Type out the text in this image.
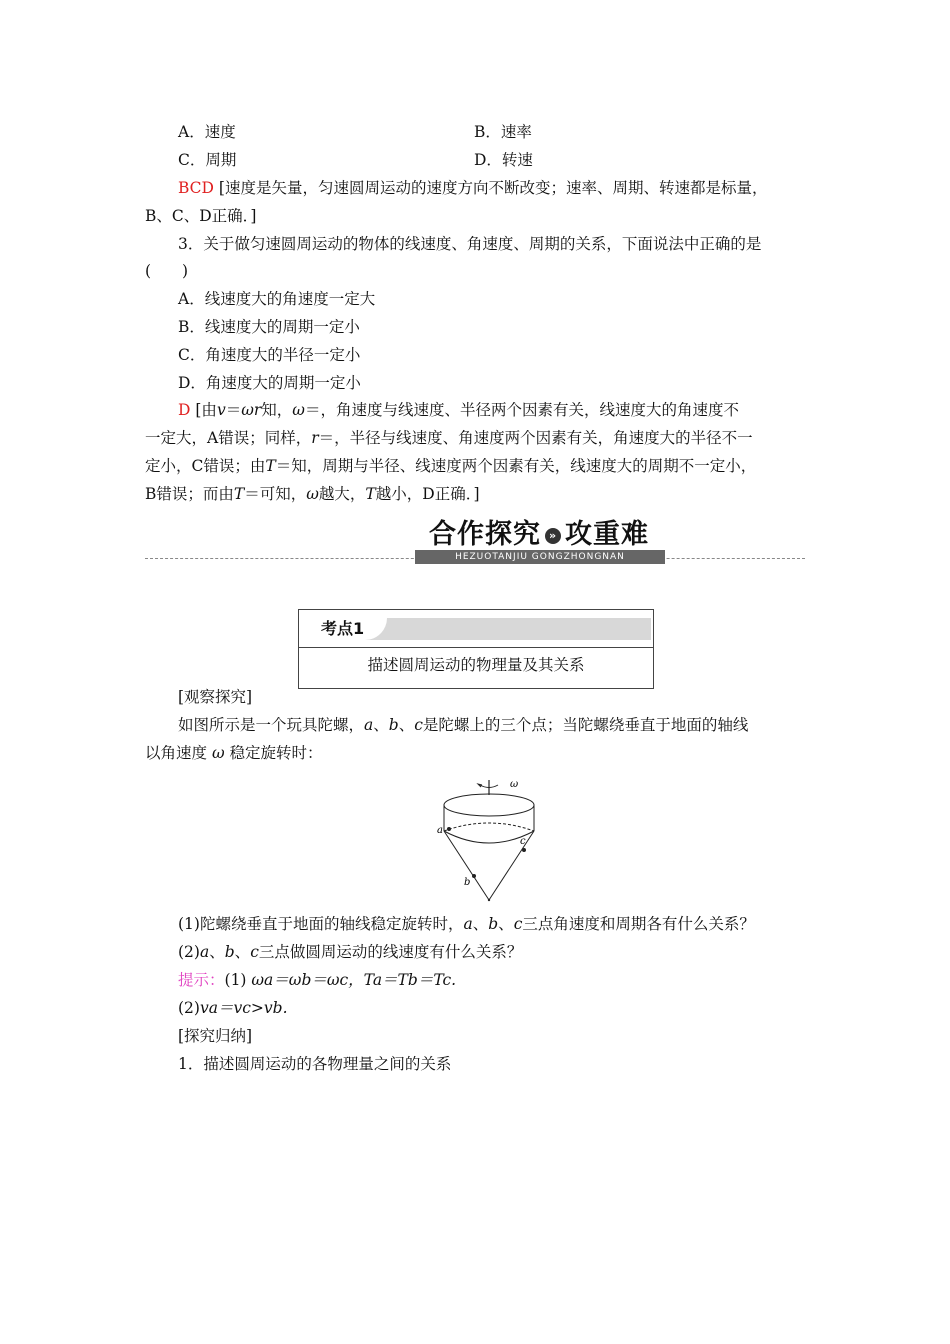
A．速度	B．速率
C．周期	D．转速
BCD [速度是矢量，匀速圆周运动的速度方向不断改变；速率、周期、转速都是标量，
B、C、D正确．]
3．关于做匀速圆周运动的物体的线速度、角速度、周期的关系，下面说法中正确的是
(　　)
A．线速度大的角速度一定大
B．线速度大的周期一定小
C．角速度大的半径一定小
D．角速度大的周期一定小
D [由v＝ωr知，ω＝，角速度与线速度、半径两个因素有关，线速度大的角速度不
一定大，A错误；同样，r＝，半径与线速度、角速度两个因素有关，角速度大的半径不一
定小，C错误；由T＝知，周期与半径、线速度两个因素有关，线速度大的周期不一定小，
B错误；而由T＝可知，ω越大，T越小，D正确．]
合作探究 » 攻重难
HEZUOTANJIU GONGZHONGNAN
考点1
描述圆周运动的物理量及其关系
[观察探究]
如图所示是一个玩具陀螺，a、b、c是陀螺上的三个点；当陀螺绕垂直于地面的轴线
以角速度 ω 稳定旋转时：
ω
a
c
b
(1)陀螺绕垂直于地面的轴线稳定旋转时，a、b、c三点角速度和周期各有什么关系？
(2)a、b、c三点做圆周运动的线速度有什么关系？
提示：(1) ωa＝ωb＝ωc，Ta＝Tb＝Tc.
(2)va＝vc>vb.
[探究归纳]
1．描述圆周运动的各物理量之间的关系
